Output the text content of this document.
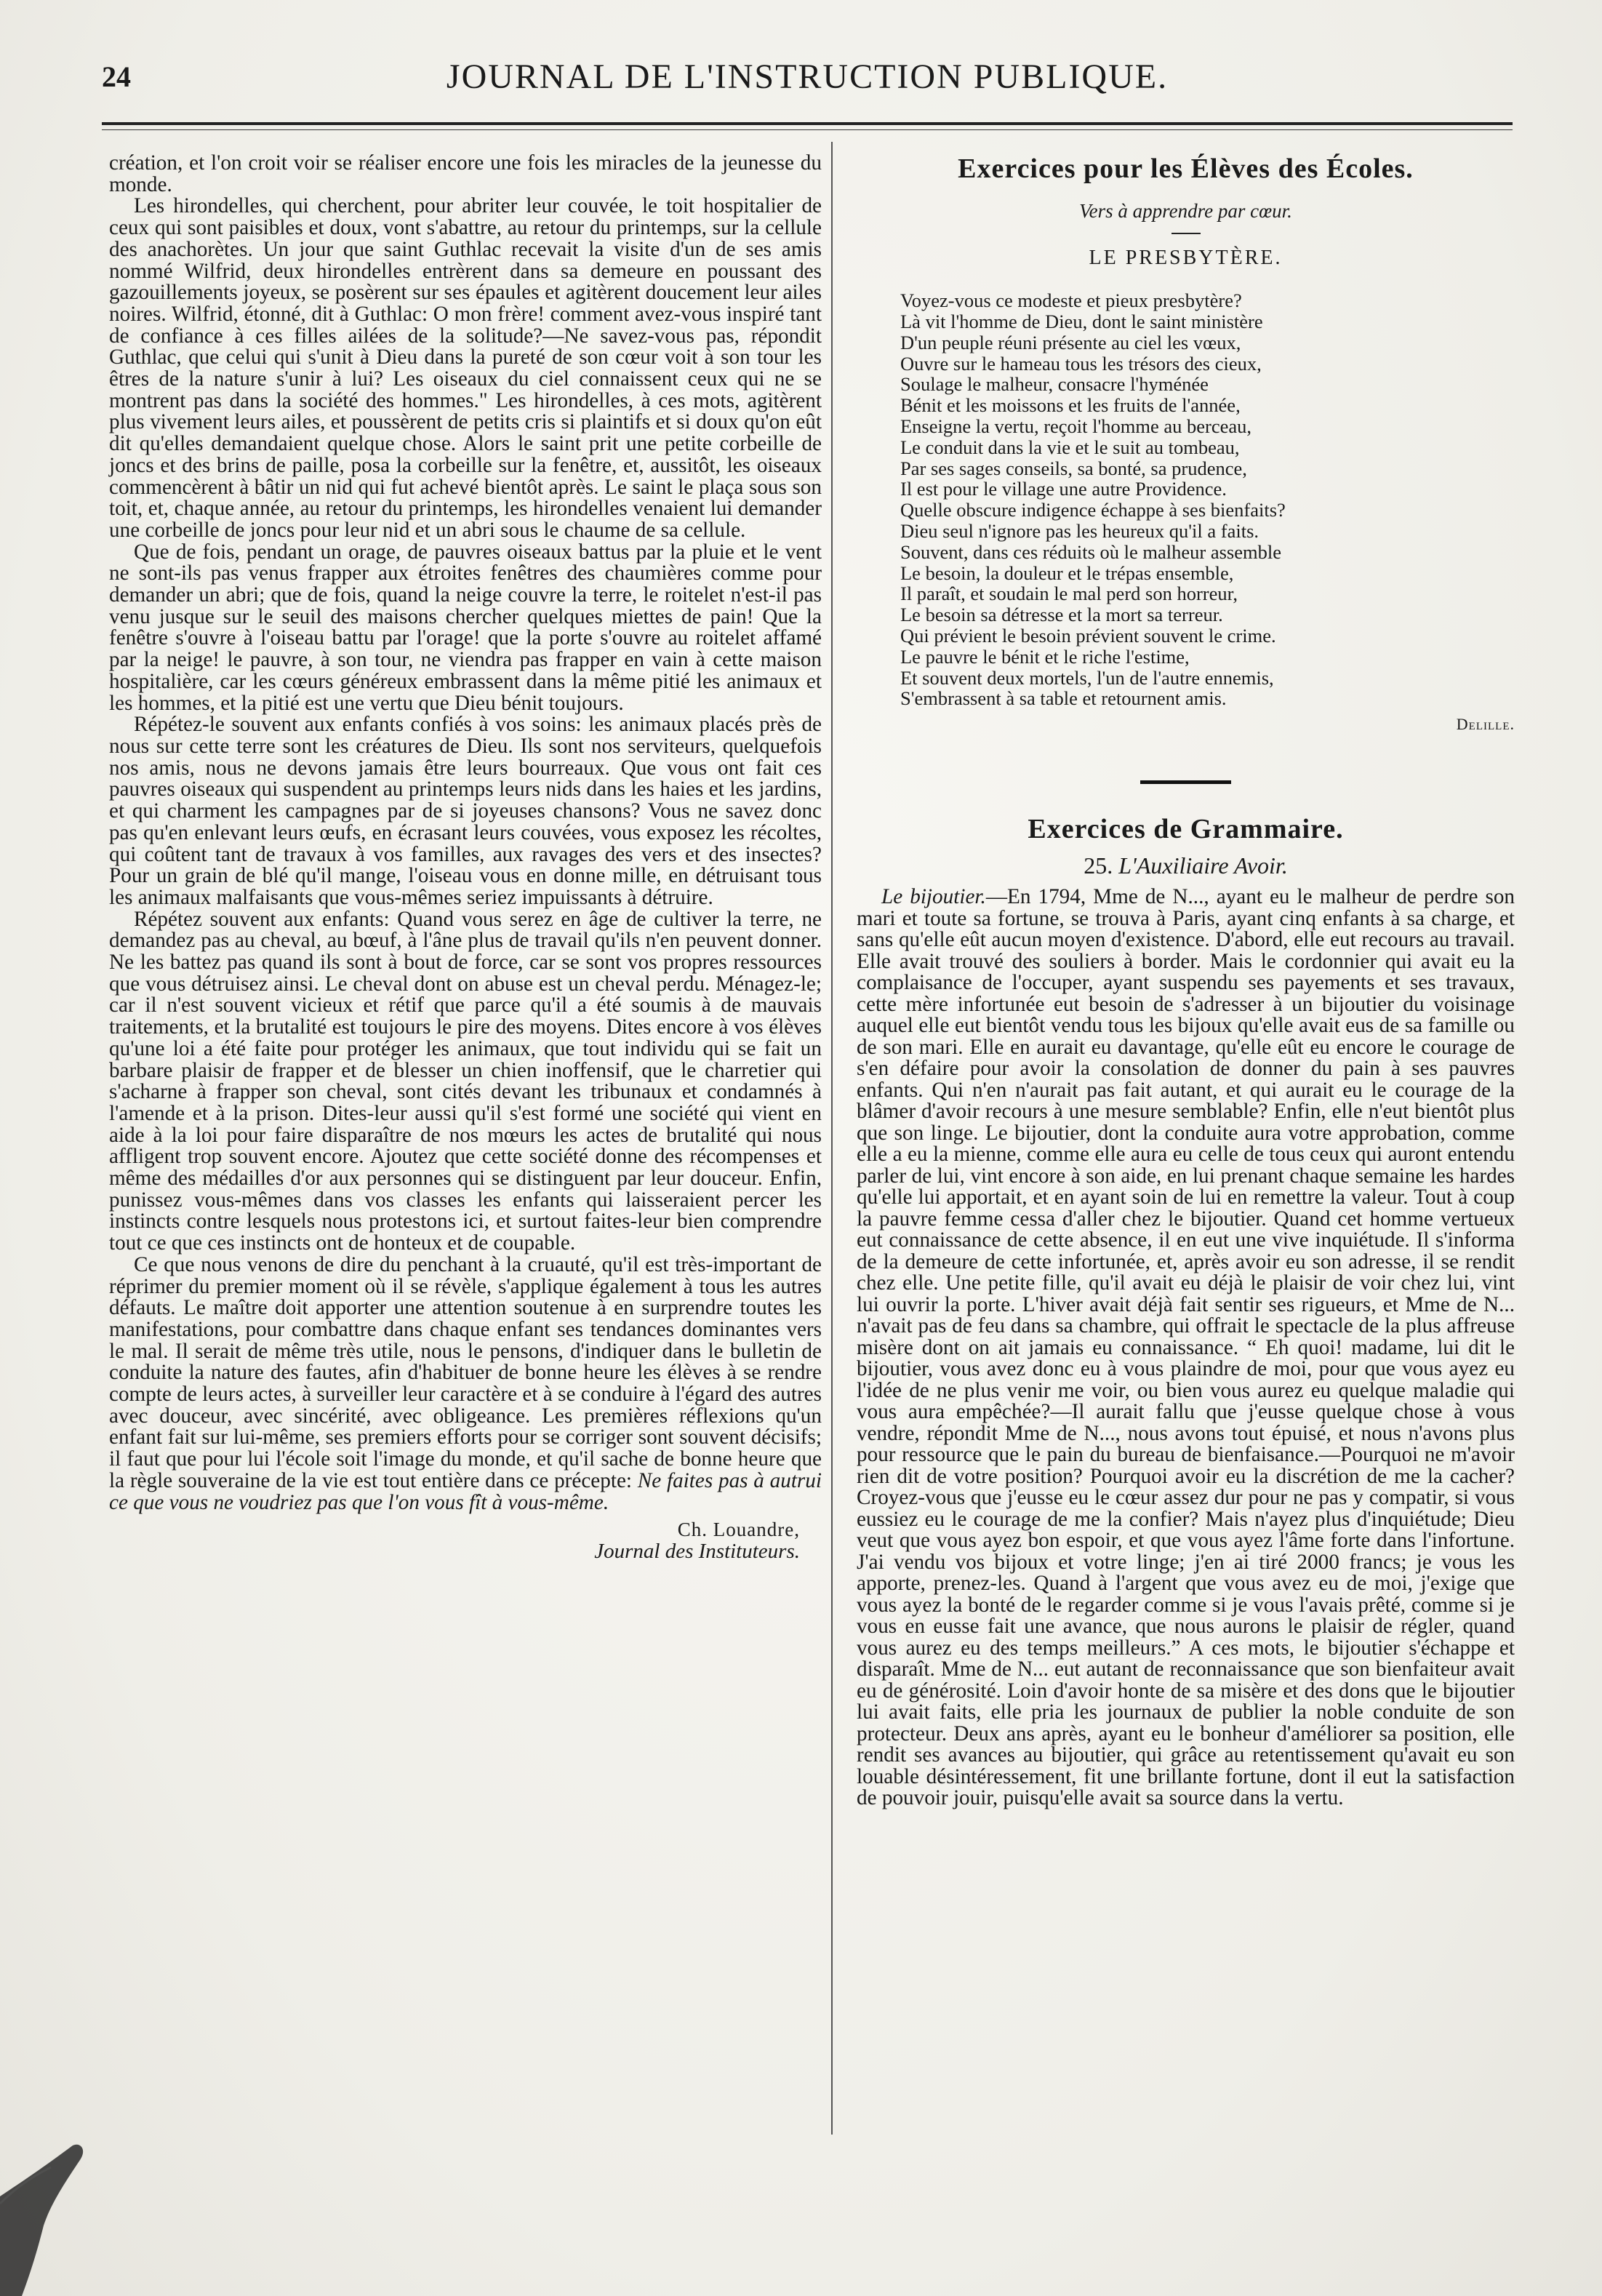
24	JOURNAL DE L'INSTRUCTION PUBLIQUE.

création, et l'on croit voir se réaliser encore une fois les miracles de la jeunesse du monde.

Les hirondelles, qui cherchent, pour abriter leur couvée, le toit hospitalier de ceux qui sont paisibles et doux, vont s'abattre, au retour du printemps, sur la cellule des anachorètes. Un jour que saint Guthlac recevait la visite d'un de ses amis nommé Wilfrid, deux hirondelles entrèrent dans sa demeure en poussant des gazouillements joyeux, se posèrent sur ses épaules et agitèrent doucement leur ailes noires. Wilfrid, étonné, dit à Guthlac: O mon frère! comment avez-vous inspiré tant de confiance à ces filles ailées de la solitude?—Ne savez-vous pas, répondit Guthlac, que celui qui s'unit à Dieu dans la pureté de son cœur voit à son tour les êtres de la nature s'unir à lui? Les oiseaux du ciel connaissent ceux qui ne se montrent pas dans la société des hommes." Les hirondelles, à ces mots, agitèrent plus vivement leurs ailes, et poussèrent de petits cris si plaintifs et si doux qu'on eût dit qu'elles demandaient quelque chose. Alors le saint prit une petite corbeille de joncs et des brins de paille, posa la corbeille sur la fenêtre, et, aussitôt, les oiseaux commencèrent à bâtir un nid qui fut achevé bientôt après. Le saint le plaça sous son toit, et, chaque année, au retour du printemps, les hirondelles venaient lui demander une corbeille de joncs pour leur nid et un abri sous le chaume de sa cellule.

Que de fois, pendant un orage, de pauvres oiseaux battus par la pluie et le vent ne sont-ils pas venus frapper aux étroites fenêtres des chaumières comme pour demander un abri; que de fois, quand la neige couvre la terre, le roitelet n'est-il pas venu jusque sur le seuil des maisons chercher quelques miettes de pain! Que la fenêtre s'ouvre à l'oiseau battu par l'orage! que la porte s'ouvre au roitelet affamé par la neige! le pauvre, à son tour, ne viendra pas frapper en vain à cette maison hospitalière, car les cœurs généreux embrassent dans la même pitié les animaux et les hommes, et la pitié est une vertu que Dieu bénit toujours.

Répétez-le souvent aux enfants confiés à vos soins: les animaux placés près de nous sur cette terre sont les créatures de Dieu. Ils sont nos serviteurs, quelquefois nos amis, nous ne devons jamais être leurs bourreaux. Que vous ont fait ces pauvres oiseaux qui suspendent au printemps leurs nids dans les haies et les jardins, et qui charment les campagnes par de si joyeuses chansons? Vous ne savez donc pas qu'en enlevant leurs œufs, en écrasant leurs couvées, vous exposez les récoltes, qui coûtent tant de travaux à vos familles, aux ravages des vers et des insectes? Pour un grain de blé qu'il mange, l'oiseau vous en donne mille, en détruisant tous les animaux malfaisants que vous-mêmes seriez impuissants à détruire.

Répétez souvent aux enfants: Quand vous serez en âge de cultiver la terre, ne demandez pas au cheval, au bœuf, à l'âne plus de travail qu'ils n'en peuvent donner. Ne les battez pas quand ils sont à bout de force, car se sont vos propres ressources que vous détruisez ainsi. Le cheval dont on abuse est un cheval perdu. Ménagez-le; car il n'est souvent vicieux et rétif que parce qu'il a été soumis à de mauvais traitements, et la brutalité est toujours le pire des moyens. Dites encore à vos élèves qu'une loi a été faite pour protéger les animaux, que tout individu qui se fait un barbare plaisir de frapper et de blesser un chien inoffensif, que le charretier qui s'acharne à frapper son cheval, sont cités devant les tribunaux et condamnés à l'amende et à la prison. Dites-leur aussi qu'il s'est formé une société qui vient en aide à la loi pour faire disparaître de nos mœurs les actes de brutalité qui nous affligent trop souvent encore. Ajoutez que cette société donne des récompenses et même des médailles d'or aux personnes qui se distinguent par leur douceur. Enfin, punissez vous-mêmes dans vos classes les enfants qui laisseraient percer les instincts contre lesquels nous protestons ici, et surtout faites-leur bien comprendre tout ce que ces instincts ont de honteux et de coupable.

Ce que nous venons de dire du penchant à la cruauté, qu'il est très-important de réprimer du premier moment où il se révèle, s'applique également à tous les autres défauts. Le maître doit apporter une attention soutenue à en surprendre toutes les manifestations, pour combattre dans chaque enfant ses tendances dominantes vers le mal. Il serait de même très utile, nous le pensons, d'indiquer dans le bulletin de conduite la nature des fautes, afin d'habituer de bonne heure les élèves à se rendre compte de leurs actes, à surveiller leur caractère et à se conduire à l'égard des autres avec douceur, avec sincérité, avec obligeance. Les premières réflexions qu'un enfant fait sur lui-même, ses premiers efforts pour se corriger sont souvent décisifs; il faut que pour lui l'école soit l'image du monde, et qu'il sache de bonne heure que la règle souveraine de la vie est tout entière dans ce précepte: Ne faites pas à autrui ce que vous ne voudriez pas que l'on vous fît à vous-même.

Ch. Louandre,
Journal des Instituteurs.
Exercices pour les Élèves des Écoles.
Vers à apprendre par cœur.
LE PRESBYTÈRE.
Voyez-vous ce modeste et pieux presbytère?
Là vit l'homme de Dieu, dont le saint ministère
D'un peuple réuni présente au ciel les vœux,
Ouvre sur le hameau tous les trésors des cieux,
Soulage le malheur, consacre l'hyménée
Bénit et les moissons et les fruits de l'année,
Enseigne la vertu, reçoit l'homme au berceau,
Le conduit dans la vie et le suit au tombeau,
Par ses sages conseils, sa bonté, sa prudence,
Il est pour le village une autre Providence.
Quelle obscure indigence échappe à ses bienfaits?
Dieu seul n'ignore pas les heureux qu'il a faits.
Souvent, dans ces réduits où le malheur assemble
Le besoin, la douleur et le trépas ensemble,
Il paraît, et soudain le mal perd son horreur,
Le besoin sa détresse et la mort sa terreur.
Qui prévient le besoin prévient souvent le crime.
Le pauvre le bénit et le riche l'estime,
Et souvent deux mortels, l'un de l'autre ennemis,
S'embrassent à sa table et retournent amis.
Delille.
Exercices de Grammaire.
25. L'Auxiliaire Avoir.

Le bijoutier.—En 1794, Mme de N..., ayant eu le malheur de perdre son mari et toute sa fortune, se trouva à Paris, ayant cinq enfants à sa charge, et sans qu'elle eût aucun moyen d'existence. D'abord, elle eut recours au travail. Elle avait trouvé des souliers à border. Mais le cordonnier qui avait eu la complaisance de l'occuper, ayant suspendu ses payements et ses travaux, cette mère infortunée eut besoin de s'adresser à un bijoutier du voisinage auquel elle eut bientôt vendu tous les bijoux qu'elle avait eus de sa famille ou de son mari. Elle en aurait eu davantage, qu'elle eût eu encore le courage de s'en défaire pour avoir la consolation de donner du pain à ses pauvres enfants. Qui n'en n'aurait pas fait autant, et qui aurait eu le courage de la blâmer d'avoir recours à une mesure semblable? Enfin, elle n'eut bientôt plus que son linge. Le bijoutier, dont la conduite aura votre approbation, comme elle a eu la mienne, comme elle aura eu celle de tous ceux qui auront entendu parler de lui, vint encore à son aide, en lui prenant chaque semaine les hardes qu'elle lui apportait, et en ayant soin de lui en remettre la valeur. Tout à coup la pauvre femme cessa d'aller chez le bijoutier. Quand cet homme vertueux eut connaissance de cette absence, il en eut une vive inquiétude. Il s'informa de la demeure de cette infortunée, et, après avoir eu son adresse, il se rendit chez elle. Une petite fille, qu'il avait eu déjà le plaisir de voir chez lui, vint lui ouvrir la porte. L'hiver avait déjà fait sentir ses rigueurs, et Mme de N... n'avait pas de feu dans sa chambre, qui offrait le spectacle de la plus affreuse misère dont on ait jamais eu connaissance. “ Eh quoi! madame, lui dit le bijoutier, vous avez donc eu à vous plaindre de moi, pour que vous ayez eu l'idée de ne plus venir me voir, ou bien vous aurez eu quelque maladie qui vous aura empêchée?—Il aurait fallu que j'eusse quelque chose à vous vendre, répondit Mme de N..., nous avons tout épuisé, et nous n'avons plus pour ressource que le pain du bureau de bienfaisance.—Pourquoi ne m'avoir rien dit de votre position? Pourquoi avoir eu la discrétion de me la cacher? Croyez-vous que j'eusse eu le cœur assez dur pour ne pas y compatir, si vous eussiez eu le courage de me la confier? Mais n'ayez plus d'inquiétude; Dieu veut que vous ayez bon espoir, et que vous ayez l'âme forte dans l'infortune. J'ai vendu vos bijoux et votre linge; j'en ai tiré 2000 francs; je vous les apporte, prenez-les. Quand à l'argent que vous avez eu de moi, j'exige que vous ayez la bonté de le regarder comme si je vous l'avais prêté, comme si je vous en eusse fait une avance, que nous aurons le plaisir de régler, quand vous aurez eu des temps meilleurs.” A ces mots, le bijoutier s'échappe et disparaît. Mme de N... eut autant de reconnaissance que son bienfaiteur avait eu de générosité. Loin d'avoir honte de sa misère et des dons que le bijoutier lui avait faits, elle pria les journaux de publier la noble conduite de son protecteur. Deux ans après, ayant eu le bonheur d'améliorer sa position, elle rendit ses avances au bijoutier, qui grâce au retentissement qu'avait eu son louable désintéressement, fit une brillante fortune, dont il eut la satisfaction de pouvoir jouir, puisqu'elle avait sa source dans la vertu.
